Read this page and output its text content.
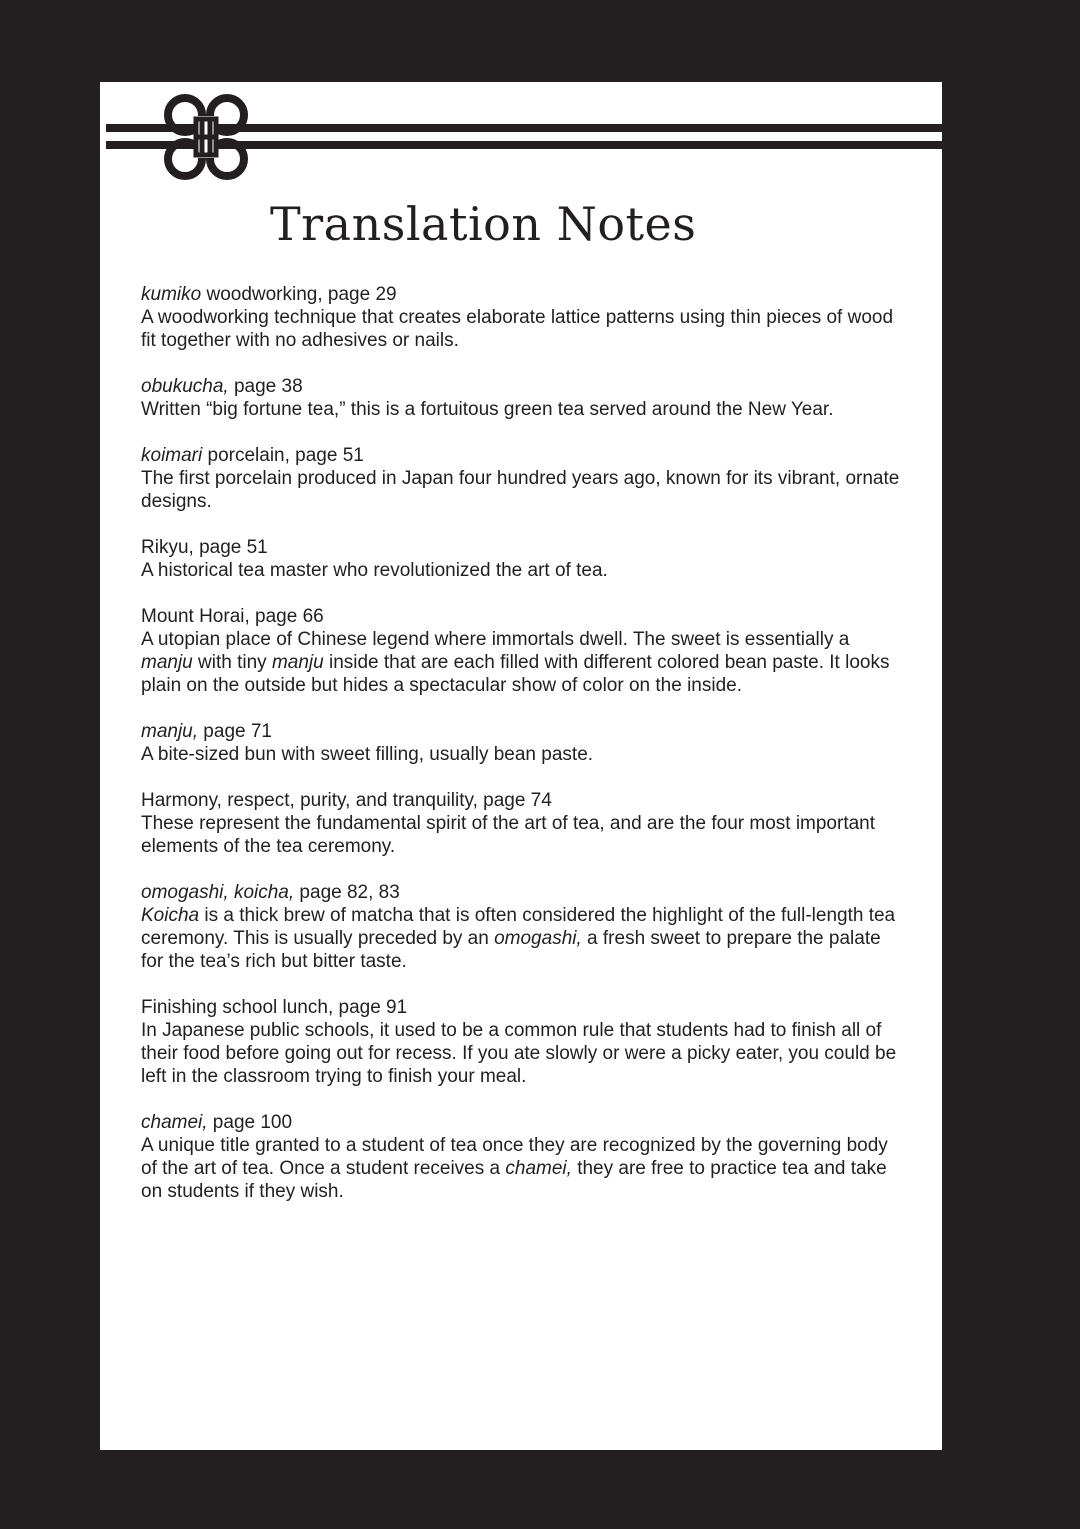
Translation Notes

kumiko woodworking, page 29

A woodworking technique that creates elaborate lattice patterns using thin pieces of wood fit together with no adhesives or nails.

obukucha, page 38

Written “big fortune tea,” this is a fortuitous green tea served around the New Year.

koimari porcelain, page 51

The first porcelain produced in Japan four hundred years ago, known for its vibrant, ornate designs.

Rikyu, page 51

A historical tea master who revolutionized the art of tea.

Mount Horai, page 66

A utopian place of Chinese legend where immortals dwell. The sweet is essentially a manju with tiny manju inside that are each filled with different colored bean paste. It looks plain on the outside but hides a spectacular show of color on the inside.

manju, page 71

A bite-sized bun with sweet filling, usually bean paste.

Harmony, respect, purity, and tranquility, page 74

These represent the fundamental spirit of the art of tea, and are the four most important elements of the tea ceremony.

omogashi, koicha, page 82, 83

Koicha is a thick brew of matcha that is often considered the highlight of the full-length tea ceremony. This is usually preceded by an omogashi, a fresh sweet to prepare the palate for the tea’s rich but bitter taste.

Finishing school lunch, page 91

In Japanese public schools, it used to be a common rule that students had to finish all of their food before going out for recess. If you ate slowly or were a picky eater, you could be left in the classroom trying to finish your meal.

chamei, page 100

A unique title granted to a student of tea once they are recognized by the governing body of the art of tea. Once a student receives a chamei, they are free to practice tea and take on students if they wish.
